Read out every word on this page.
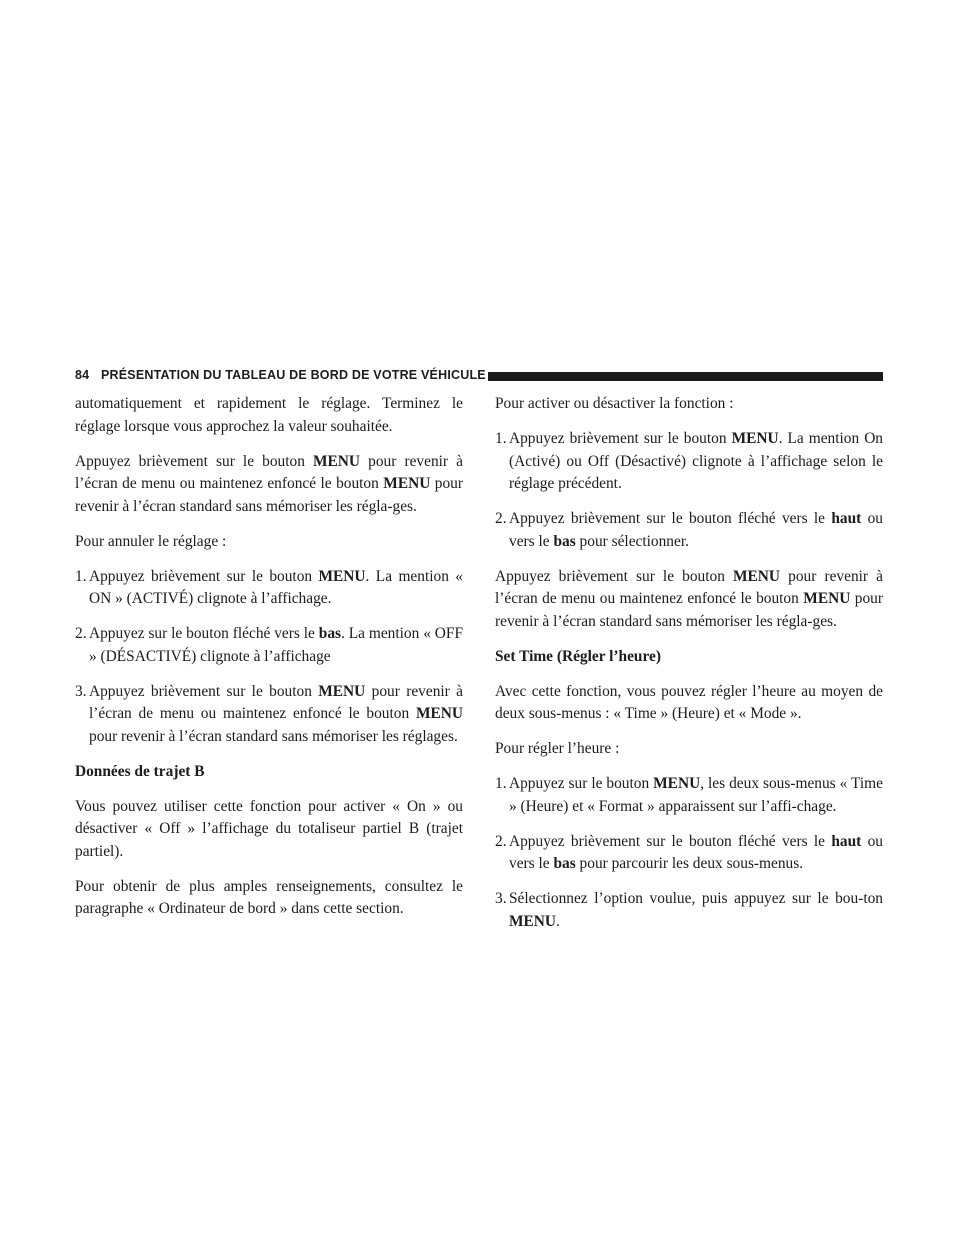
84 PRÉSENTATION DU TABLEAU DE BORD DE VOTRE VÉHICULE

automatiquement et rapidement le réglage. Terminez le réglage lorsque vous approchez la valeur souhaitée.

Appuyez brièvement sur le bouton MENU pour revenir à l’écran de menu ou maintenez enfoncé le bouton MENU pour revenir à l’écran standard sans mémoriser les régla-ges.

Pour annuler le réglage :

1. Appuyez brièvement sur le bouton MENU. La mention « ON » (ACTIVÉ) clignote à l’affichage.

2. Appuyez sur le bouton fléché vers le bas. La mention « OFF » (DÉSACTIVÉ) clignote à l’affichage

3. Appuyez brièvement sur le bouton MENU pour revenir à l’écran de menu ou maintenez enfoncé le bouton MENU pour revenir à l’écran standard sans mémoriser les réglages.

Données de trajet B

Vous pouvez utiliser cette fonction pour activer « On » ou désactiver « Off » l’affichage du totaliseur partiel B (trajet partiel).

Pour obtenir de plus amples renseignements, consultez le paragraphe « Ordinateur de bord » dans cette section.

Pour activer ou désactiver la fonction :

1. Appuyez brièvement sur le bouton MENU. La mention On (Activé) ou Off (Désactivé) clignote à l’affichage selon le réglage précédent.

2. Appuyez brièvement sur le bouton fléché vers le haut ou vers le bas pour sélectionner.

Appuyez brièvement sur le bouton MENU pour revenir à l’écran de menu ou maintenez enfoncé le bouton MENU pour revenir à l’écran standard sans mémoriser les régla-ges.

Set Time (Régler l’heure)

Avec cette fonction, vous pouvez régler l’heure au moyen de deux sous-menus : « Time » (Heure) et « Mode ».

Pour régler l’heure :

1. Appuyez sur le bouton MENU, les deux sous-menus « Time » (Heure) et « Format » apparaissent sur l’affi-chage.

2. Appuyez brièvement sur le bouton fléché vers le haut ou vers le bas pour parcourir les deux sous-menus.

3. Sélectionnez l’option voulue, puis appuyez sur le bou-ton MENU.
